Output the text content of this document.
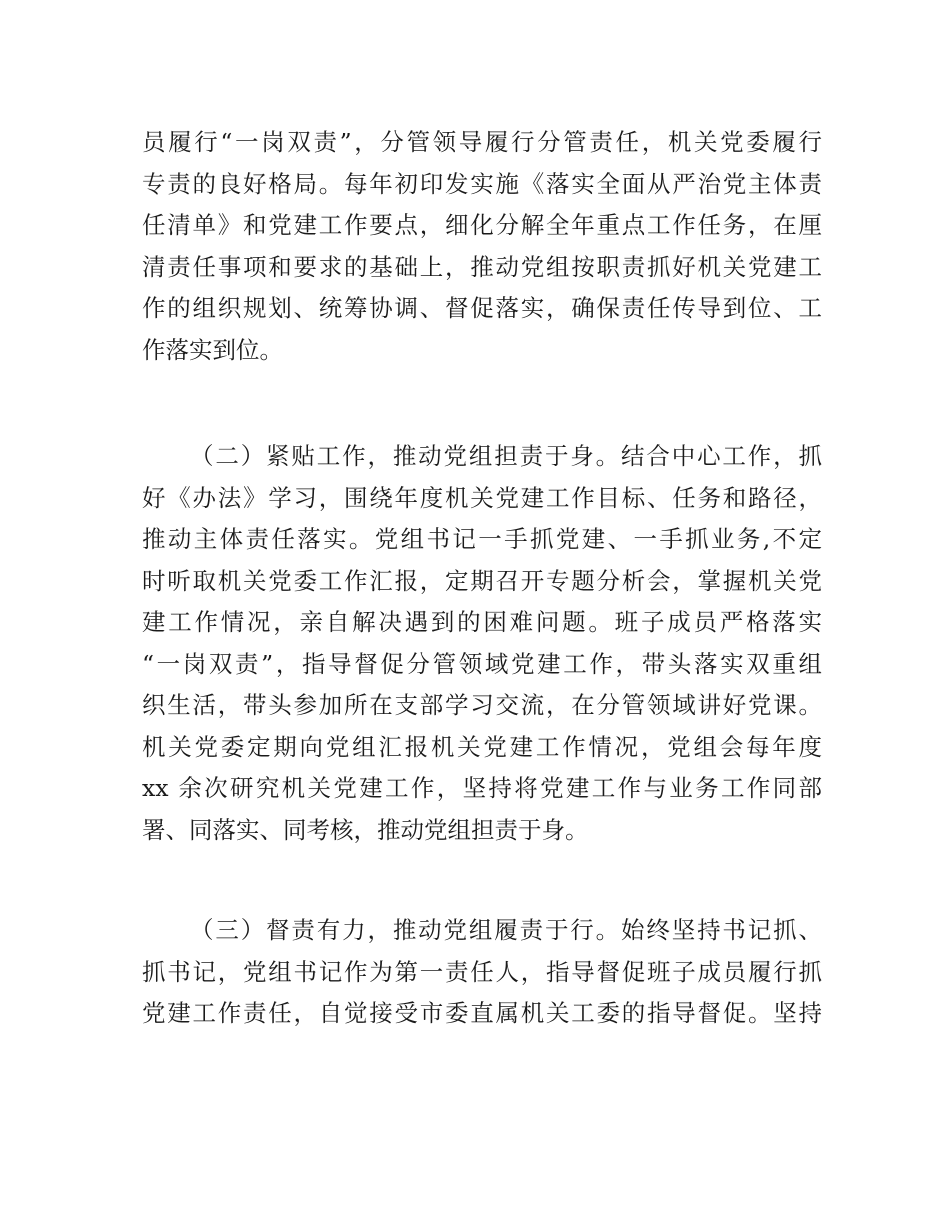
员履行“一岗双责”，分管领导履行分管责任，机关党委履行
专责的良好格局。每年初印发实施《落实全面从严治党主体责
任清单》和党建工作要点，细化分解全年重点工作任务，在厘
清责任事项和要求的基础上，推动党组按职责抓好机关党建工
作的组织规划、统筹协调、督促落实，确保责任传导到位、工
作落实到位。
（二）紧贴工作，推动党组担责于身。结合中心工作，抓
好《办法》学习，围绕年度机关党建工作目标、任务和路径，
推动主体责任落实。党组书记一手抓党建、一手抓业务,不定
时听取机关党委工作汇报，定期召开专题分析会，掌握机关党
建工作情况，亲自解决遇到的困难问题。班子成员严格落实
“一岗双责”，指导督促分管领域党建工作，带头落实双重组
织生活，带头参加所在支部学习交流，在分管领域讲好党课。
机关党委定期向党组汇报机关党建工作情况，党组会每年度
xx 余次研究机关党建工作，坚持将党建工作与业务工作同部
署、同落实、同考核，推动党组担责于身。
（三）督责有力，推动党组履责于行。始终坚持书记抓、
抓书记，党组书记作为第一责任人，指导督促班子成员履行抓
党建工作责任，自觉接受市委直属机关工委的指导督促。坚持
